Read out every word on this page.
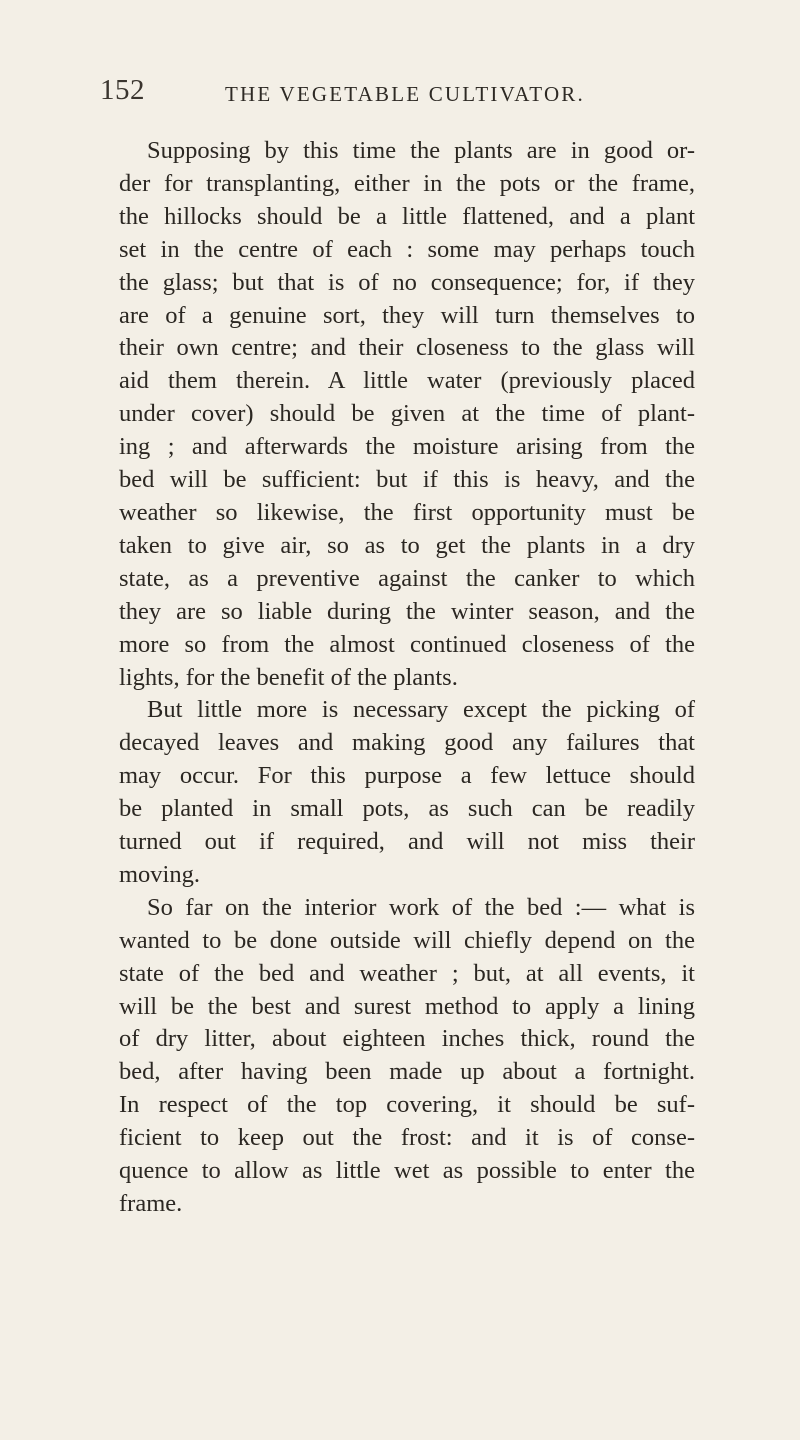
152	THE VEGETABLE CULTIVATOR.

Supposing by this time the plants are in good or-
der for transplanting, either in the pots or the frame,
the hillocks should be a little flattened, and a plant
set in the centre of each : some may perhaps touch
the glass; but that is of no consequence; for, if they
are of a genuine sort, they will turn themselves to
their own centre; and their closeness to the glass will
aid them therein. A little water (previously placed
under cover) should be given at the time of plant-
ing ; and afterwards the moisture arising from the
bed will be sufficient: but if this is heavy, and the
weather so likewise, the first opportunity must be
taken to give air, so as to get the plants in a dry
state, as a preventive against the canker to which
they are so liable during the winter season, and the
more so from the almost continued closeness of the
lights, for the benefit of the plants.

But little more is necessary except the picking of
decayed leaves and making good any failures that
may occur. For this purpose a few lettuce should
be planted in small pots, as such can be readily
turned out if required, and will not miss their
moving.

So far on the interior work of the bed :— what is
wanted to be done outside will chiefly depend on the
state of the bed and weather ; but, at all events, it
will be the best and surest method to apply a lining
of dry litter, about eighteen inches thick, round the
bed, after having been made up about a fortnight.
In respect of the top covering, it should be suf-
ficient to keep out the frost: and it is of conse-
quence to allow as little wet as possible to enter the
frame.
